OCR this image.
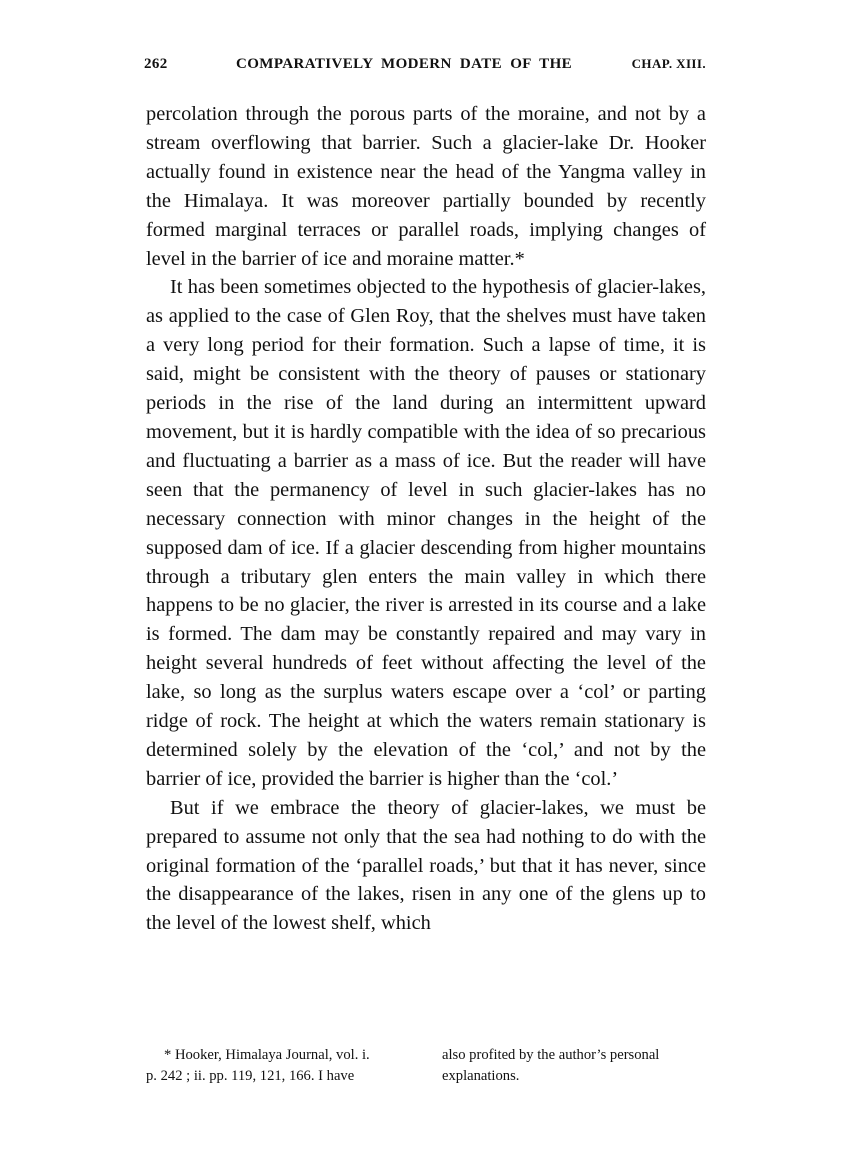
262	COMPARATIVELY MODERN DATE OF THE	CHAP. XIII.

percolation through the porous parts of the moraine, and not by a stream overflowing that barrier. Such a glacier-lake Dr. Hooker actually found in existence near the head of the Yangma valley in the Himalaya. It was moreover partially bounded by recently formed marginal terraces or parallel roads, implying changes of level in the barrier of ice and moraine matter.*

It has been sometimes objected to the hypothesis of glacier-lakes, as applied to the case of Glen Roy, that the shelves must have taken a very long period for their formation. Such a lapse of time, it is said, might be consistent with the theory of pauses or stationary periods in the rise of the land during an intermittent upward movement, but it is hardly compatible with the idea of so precarious and fluctuating a barrier as a mass of ice. But the reader will have seen that the permanency of level in such glacier-lakes has no necessary connection with minor changes in the height of the supposed dam of ice. If a glacier descending from higher mountains through a tributary glen enters the main valley in which there happens to be no glacier, the river is arrested in its course and a lake is formed. The dam may be constantly repaired and may vary in height several hundreds of feet without affecting the level of the lake, so long as the surplus waters escape over a ‘col’ or parting ridge of rock. The height at which the waters remain stationary is determined solely by the elevation of the ‘col,’ and not by the barrier of ice, provided the barrier is higher than the ‘col.’

But if we embrace the theory of glacier-lakes, we must be prepared to assume not only that the sea had nothing to do with the original formation of the ‘parallel roads,’ but that it has never, since the disappearance of the lakes, risen in any one of the glens up to the level of the lowest shelf, which

* Hooker, Himalaya Journal, vol. i.
p. 242 ; ii. pp. 119, 121, 166. I have
also profited by the author’s personal
explanations.
